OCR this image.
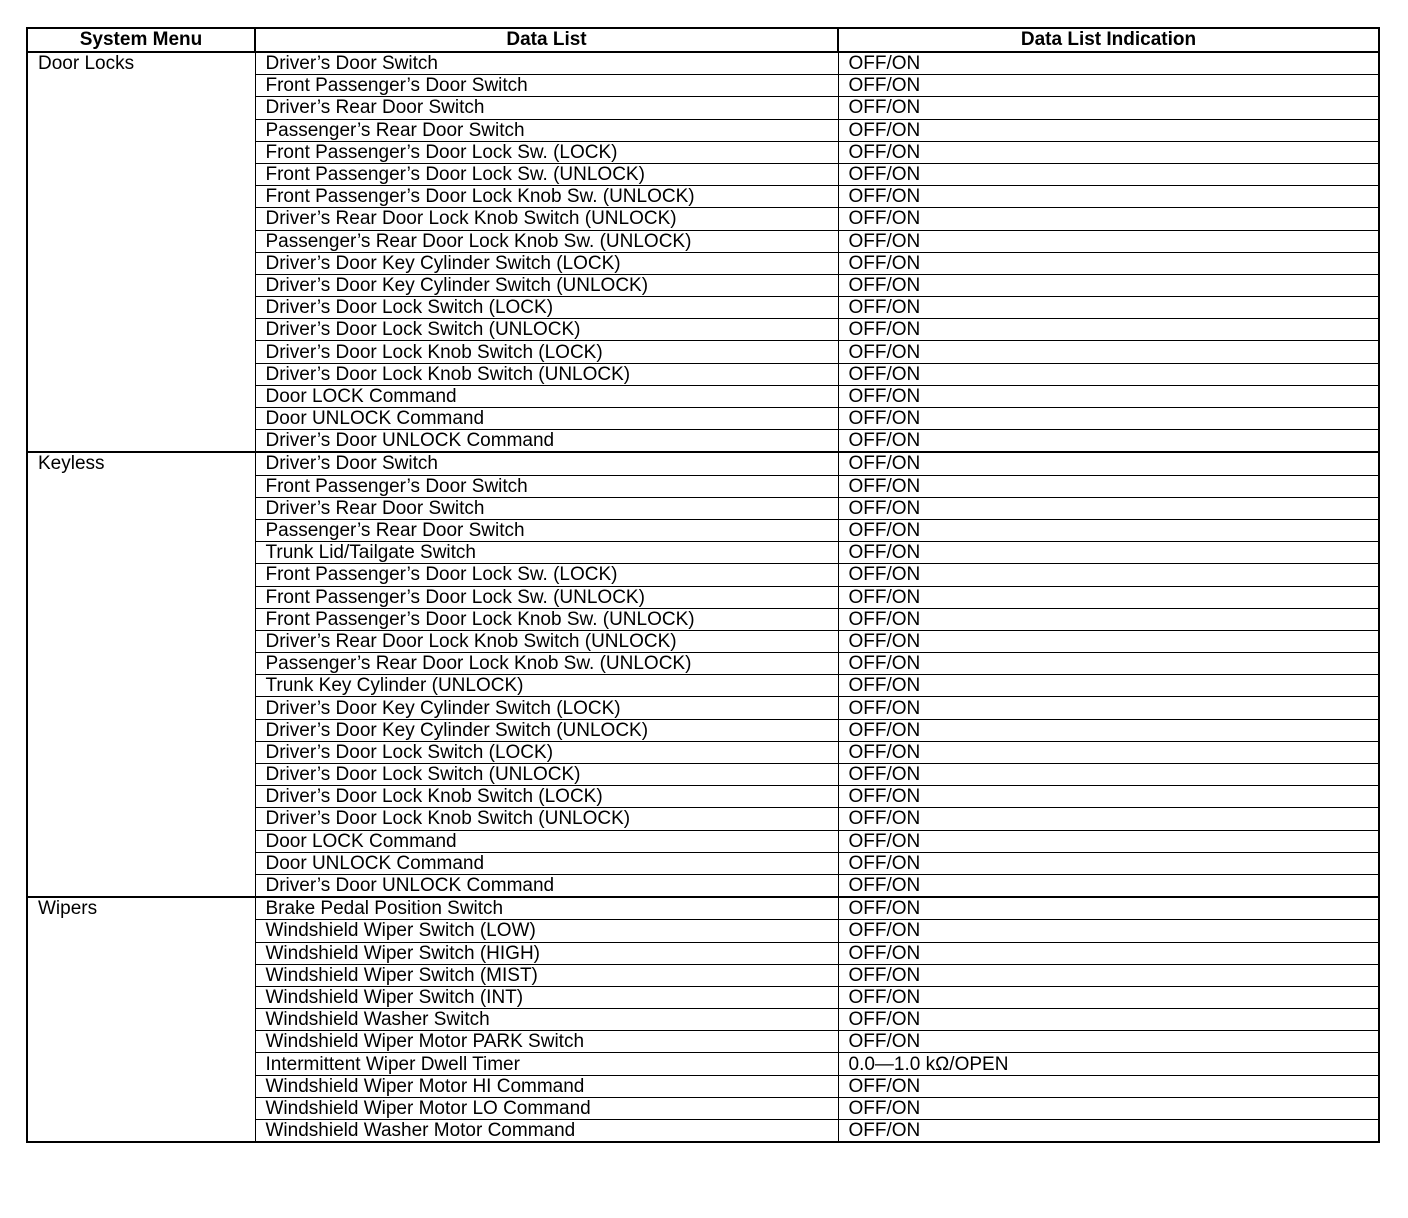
System Menu	Data List	Data List Indication
Door Locks	Driver’s Door Switch	OFF/ON
	Front Passenger’s Door Switch	OFF/ON
	Driver’s Rear Door Switch	OFF/ON
	Passenger’s Rear Door Switch	OFF/ON
	Front Passenger’s Door Lock Sw. (LOCK)	OFF/ON
	Front Passenger’s Door Lock Sw. (UNLOCK)	OFF/ON
	Front Passenger’s Door Lock Knob Sw. (UNLOCK)	OFF/ON
	Driver’s Rear Door Lock Knob Switch (UNLOCK)	OFF/ON
	Passenger’s Rear Door Lock Knob Sw. (UNLOCK)	OFF/ON
	Driver’s Door Key Cylinder Switch (LOCK)	OFF/ON
	Driver’s Door Key Cylinder Switch (UNLOCK)	OFF/ON
	Driver’s Door Lock Switch (LOCK)	OFF/ON
	Driver’s Door Lock Switch (UNLOCK)	OFF/ON
	Driver’s Door Lock Knob Switch (LOCK)	OFF/ON
	Driver’s Door Lock Knob Switch (UNLOCK)	OFF/ON
	Door LOCK Command	OFF/ON
	Door UNLOCK Command	OFF/ON
	Driver’s Door UNLOCK Command	OFF/ON
Keyless	Driver’s Door Switch	OFF/ON
	Front Passenger’s Door Switch	OFF/ON
	Driver’s Rear Door Switch	OFF/ON
	Passenger’s Rear Door Switch	OFF/ON
	Trunk Lid/Tailgate Switch	OFF/ON
	Front Passenger’s Door Lock Sw. (LOCK)	OFF/ON
	Front Passenger’s Door Lock Sw. (UNLOCK)	OFF/ON
	Front Passenger’s Door Lock Knob Sw. (UNLOCK)	OFF/ON
	Driver’s Rear Door Lock Knob Switch (UNLOCK)	OFF/ON
	Passenger’s Rear Door Lock Knob Sw. (UNLOCK)	OFF/ON
	Trunk Key Cylinder (UNLOCK)	OFF/ON
	Driver’s Door Key Cylinder Switch (LOCK)	OFF/ON
	Driver’s Door Key Cylinder Switch (UNLOCK)	OFF/ON
	Driver’s Door Lock Switch (LOCK)	OFF/ON
	Driver’s Door Lock Switch (UNLOCK)	OFF/ON
	Driver’s Door Lock Knob Switch (LOCK)	OFF/ON
	Driver’s Door Lock Knob Switch (UNLOCK)	OFF/ON
	Door LOCK Command	OFF/ON
	Door UNLOCK Command	OFF/ON
	Driver’s Door UNLOCK Command	OFF/ON
Wipers	Brake Pedal Position Switch	OFF/ON
	Windshield Wiper Switch (LOW)	OFF/ON
	Windshield Wiper Switch (HIGH)	OFF/ON
	Windshield Wiper Switch (MIST)	OFF/ON
	Windshield Wiper Switch (INT)	OFF/ON
	Windshield Washer Switch	OFF/ON
	Windshield Wiper Motor PARK Switch	OFF/ON
	Intermittent Wiper Dwell Timer	0.0—1.0 kΩ/OPEN
	Windshield Wiper Motor HI Command	OFF/ON
	Windshield Wiper Motor LO Command	OFF/ON
	Windshield Washer Motor Command	OFF/ON
